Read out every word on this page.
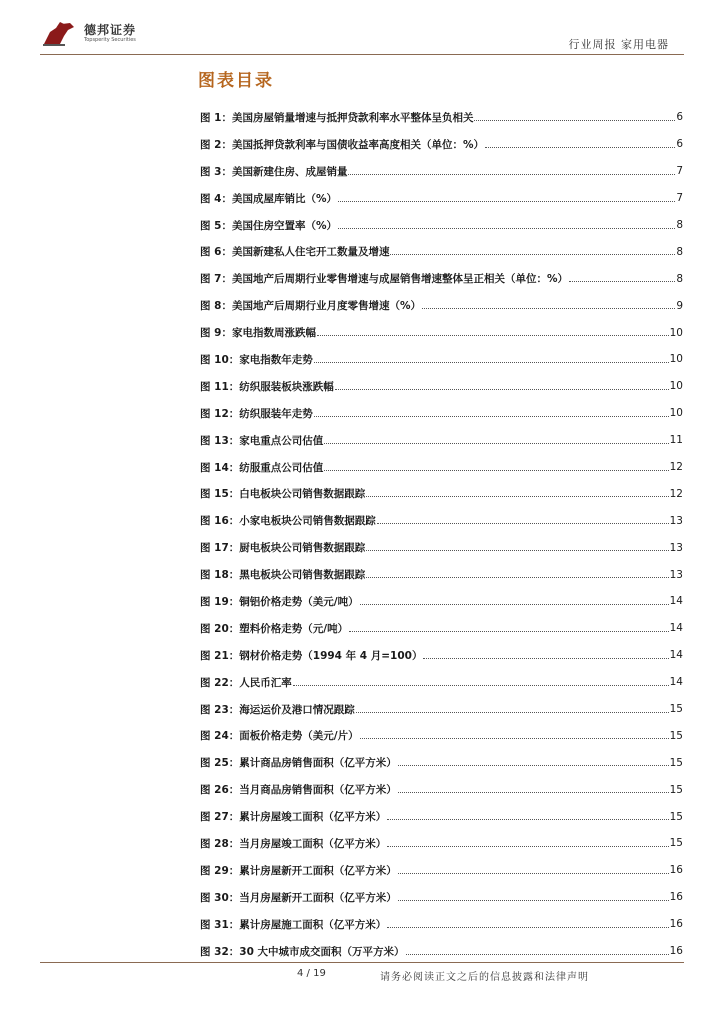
德邦证券
Topsperity Securities	行业周报 家用电器
图表目录
图 1：美国房屋销量增速与抵押贷款利率水平整体呈负相关	6
图 2：美国抵押贷款利率与国债收益率高度相关（单位：%）	6
图 3：美国新建住房、成屋销量	7
图 4：美国成屋库销比（%）	7
图 5：美国住房空置率（%）	8
图 6：美国新建私人住宅开工数量及增速	8
图 7：美国地产后周期行业零售增速与成屋销售增速整体呈正相关（单位：%）	8
图 8：美国地产后周期行业月度零售增速（%）	9
图 9：家电指数周涨跌幅	10
图 10：家电指数年走势	10
图 11：纺织服装板块涨跌幅	10
图 12：纺织服装年走势	10
图 13：家电重点公司估值	11
图 14：纺服重点公司估值	12
图 15：白电板块公司销售数据跟踪	12
图 16：小家电板块公司销售数据跟踪	13
图 17：厨电板块公司销售数据跟踪	13
图 18：黑电板块公司销售数据跟踪	13
图 19：铜铝价格走势（美元/吨）	14
图 20：塑料价格走势（元/吨）	14
图 21：钢材价格走势（1994 年 4 月=100）	14
图 22：人民币汇率	14
图 23：海运运价及港口情况跟踪	15
图 24：面板价格走势（美元/片）	15
图 25：累计商品房销售面积（亿平方米）	15
图 26：当月商品房销售面积（亿平方米）	15
图 27：累计房屋竣工面积（亿平方米）	15
图 28：当月房屋竣工面积（亿平方米）	15
图 29：累计房屋新开工面积（亿平方米）	16
图 30：当月房屋新开工面积（亿平方米）	16
图 31：累计房屋施工面积（亿平方米）	16
图 32：30 大中城市成交面积（万平方米）	16
4 / 19	请务必阅读正文之后的信息披露和法律声明
